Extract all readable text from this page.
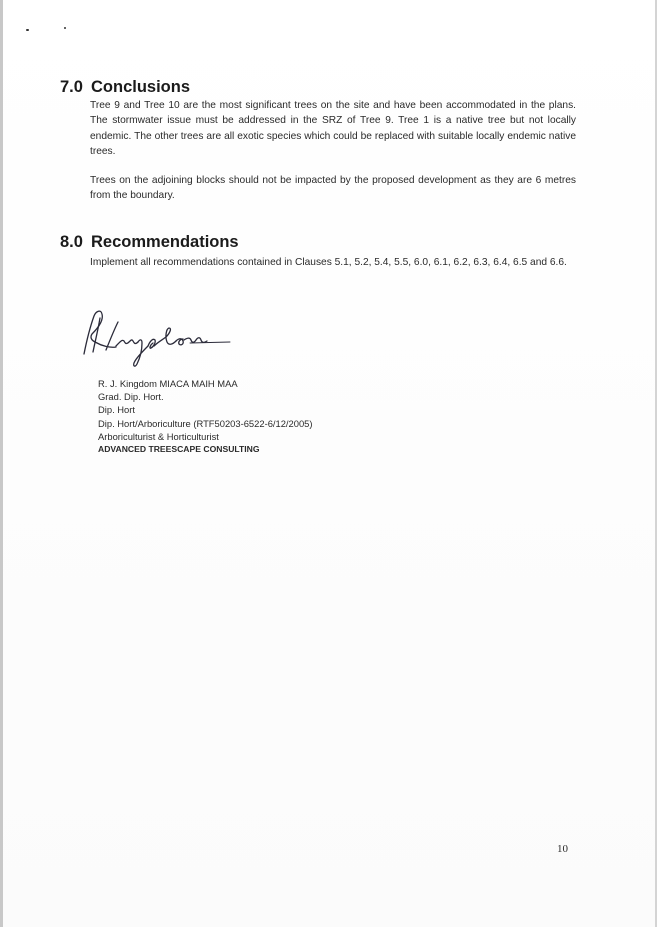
7.0 Conclusions

Tree 9 and Tree 10 are the most significant trees on the site and have been accommodated in the plans. The stormwater issue must be addressed in the SRZ of Tree 9. Tree 1 is a native tree but not locally endemic. The other trees are all exotic species which could be replaced with suitable locally endemic native trees.

Trees on the adjoining blocks should not be impacted by the proposed development as they are 6 metres from the boundary.

8.0 Recommendations

Implement all recommendations contained in Clauses 5.1, 5.2, 5.4, 5.5, 6.0, 6.1, 6.2, 6.3, 6.4, 6.5 and 6.6.

R. J. Kingdom MIACA MAIH MAA
Grad. Dip. Hort.
Dip. Hort
Dip. Hort/Arboriculture (RTF50203-6522-6/12/2005)
Arboriculturist & Horticulturist
ADVANCED TREESCAPE CONSULTING
10
